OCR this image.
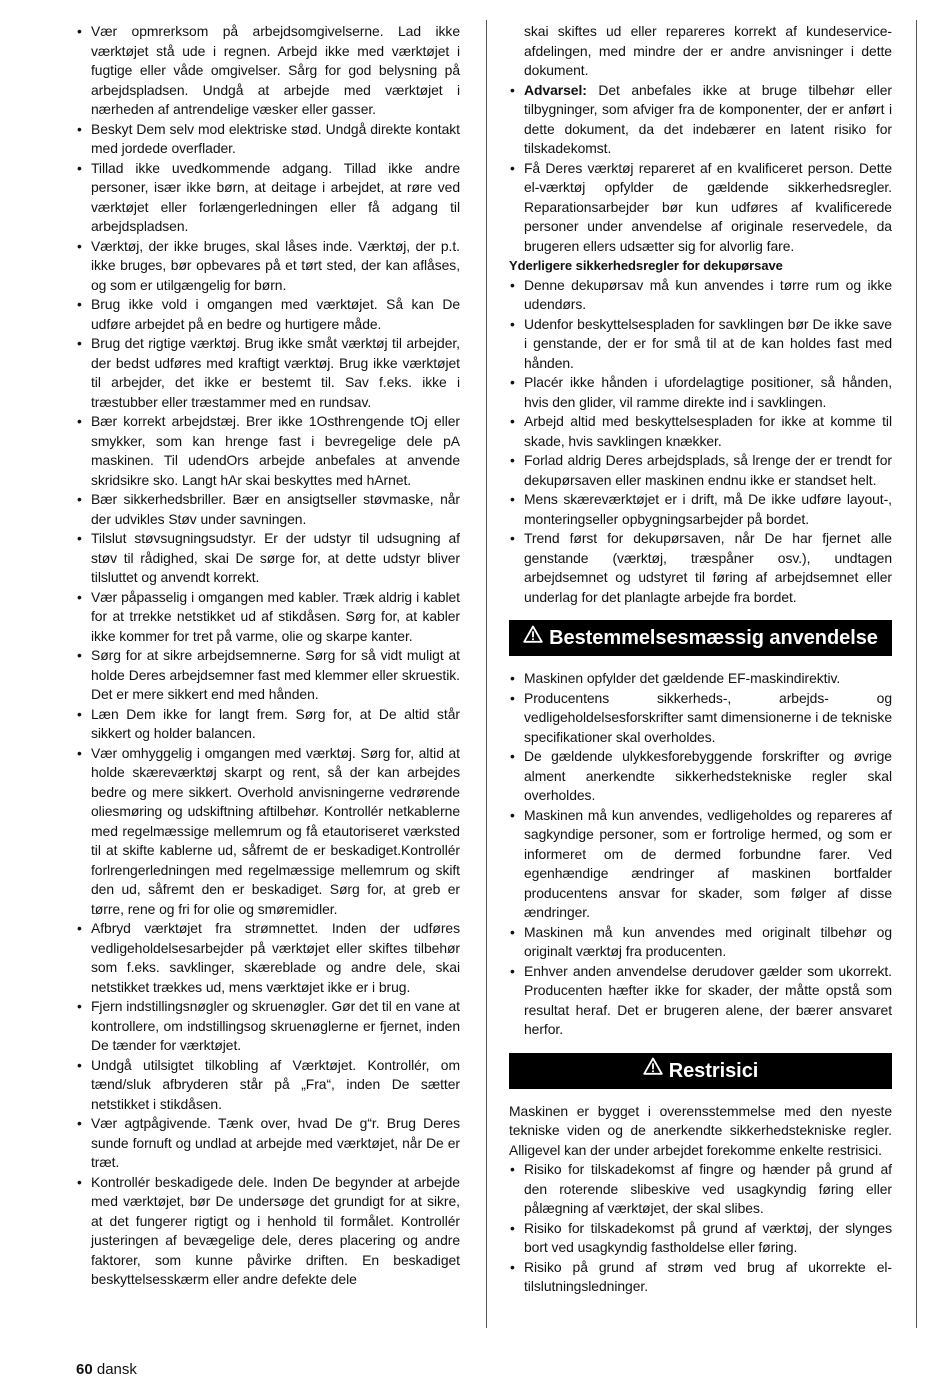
• Vær opmrerksom på arbejdsomgivelserne. Lad ikke værktøjet stå ude i regnen. Arbejd ikke med værktøjet i fugtige eller våde omgivelser. Sårg for god belysning på arbejdspladsen. Undgå at arbejde med værktøjet i nærheden af antrendelige væsker eller gasser.
• Beskyt Dem selv mod elektriske stød. Undgå direkte kontakt med jordede overflader.
• Tillad ikke uvedkommende adgang. Tillad ikke andre personer, især ikke børn, at deitage i arbejdet, at røre ved værktøjet eller forlængerledningen eller få adgang til arbejdspladsen.
• Værktøj, der ikke bruges, skal låses inde. Værktøj, der p.t. ikke bruges, bør opbevares på et tørt sted, der kan aflåses, og som er utilgængelig for børn.
• Brug ikke vold i omgangen med værktøjet. Så kan De udføre arbejdet på en bedre og hurtigere måde.
• Brug det rigtige værktøj. Brug ikke småt værktøj til arbejder, der bedst udføres med kraftigt værktøj. Brug ikke værktøjet til arbejder, det ikke er bestemt til. Sav f.eks. ikke i træstubber eller træstammer med en rundsav.
• Bær korrekt arbejdstæj. Brer ikke 1Osthrengende tOj eller smykker, som kan hrenge fast i bevregelige dele pA maskinen. Til udendOrs arbejde anbefales at anvende skridsikre sko. Langt hAr skai beskyttes med hArnet.
• Bær sikkerhedsbriller. Bær en ansigtseller støvmaske, når der udvikles Støv under savningen.
• Tilslut støvsugningsudstyr. Er der udstyr til udsugning af støv til rådighed, skai De sørge for, at dette udstyr bliver tilsluttet og anvendt korrekt.
• Vær påpasselig i omgangen med kabler. Træk aldrig i kablet for at trrekke netstikket ud af stikdåsen. Sørg for, at kabler ikke kommer for tret på varme, olie og skarpe kanter.
• Sørg for at sikre arbejdsemnerne. Sørg for så vidt muligt at holde Deres arbejdsemner fast med klemmer eller skruestik. Det er mere sikkert end med hånden.
• Læn Dem ikke for langt frem. Sørg for, at De altid står sikkert og holder balancen.
• Vær omhyggelig i omgangen med værktøj. Sørg for, altid at holde skæreværktøj skarpt og rent, så der kan arbejdes bedre og mere sikkert. Overhold anvisningerne vedrørende oliesmøring og udskiftning aftilbehør. Kontrollér netkablerne med regelmæssige mellemrum og få etautoriseret værksted til at skifte kablerne ud, såfremt de er beskadiget.Kontrollér forlrengerledningen med regelmæssige mellemrum og skift den ud, såfremt den er beskadiget. Sørg for, at greb er tørre, rene og fri for olie og smøremidler.
• Afbryd værktøjet fra strømnettet. Inden der udføres vedligeholdelsesarbejder på værktøjet eller skiftes tilbehør som f.eks. savklinger, skæreblade og andre dele, skai netstikket trækkes ud, mens værktøjet ikke er i brug.
• Fjern indstillingsnøgler og skruenøgler. Gør det til en vane at kontrollere, om indstillingsog skruenøglerne er fjernet, inden De tænder for værktøjet.
• Undgå utilsigtet tilkobling af Værktøjet. Kontrollér, om tænd/sluk afbryderen står på „Fra“, inden De sætter netstikket i stikdåsen.
• Vær agtpågivende. Tænk over, hvad De g“r. Brug Deres sunde fornuft og undlad at arbejde med værktøjet, når De er træt.
• Kontrollér beskadigede dele. Inden De begynder at arbejde med værktøjet, bør De undersøge det grundigt for at sikre, at det fungerer rigtigt og i henhold til formålet. Kontrollér justeringen af bevægelige dele, deres placering og andre faktorer, som kunne påvirke driften. En beskadiget beskyttelsesskærm eller andre defekte dele
skai skiftes ud eller repareres korrekt af kundeservice-afdelingen, med mindre der er andre anvisninger i dette dokument.
• Advarsel: Det anbefales ikke at bruge tilbehør eller tilbygninger, som afviger fra de komponenter, der er anført i dette dokument, da det indebærer en latent risiko for tilskadekomst.
• Få Deres værktøj repareret af en kvalificeret person. Dette el-værktøj opfylder de gældende sikkerhedsregler. Reparationsarbejder bør kun udføres af kvalificerede personer under anvendelse af originale reservedele, da brugeren ellers udsætter sig for alvorlig fare.

Yderligere sikkerhedsregler for dekupørsave

• Denne dekupørsav må kun anvendes i tørre rum og ikke udendørs.
• Udenfor beskyttelsespladen for savklingen bør De ikke save i genstande, der er for små til at de kan holdes fast med hånden.
• Placér ikke hånden i ufordelagtige positioner, så hånden, hvis den glider, vil ramme direkte ind i savklingen.
• Arbejd altid med beskyttelsespladen for ikke at komme til skade, hvis savklingen knækker.
• Forlad aldrig Deres arbejdsplads, så lrenge der er trendt for dekupørsaven eller maskinen endnu ikke er standset helt.
• Mens skæreværktøjet er i drift, må De ikke udføre layout-, monteringseller opbygningsarbejder på bordet.
• Trend først for dekupørsaven, når De har fjernet alle genstande (værktøj, træspåner osv.), undtagen arbejdsemnet og udstyret til føring af arbejdsemnet eller underlag for det planlagte arbejde fra bordet.
Bestemmelsesmæssig anvendelse
• Maskinen opfylder det gældende EF-maskindirektiv.
• Producentens sikkerheds-, arbejds- og vedligeholdelsesforskrifter samt dimensionerne i de tekniske specifikationer skal overholdes.
• De gældende ulykkesforebyggende forskrifter og øvrige alment anerkendte sikkerhedstekniske regler skal overholdes.
• Maskinen må kun anvendes, vedligeholdes og repareres af sagkyndige personer, som er fortrolige hermed, og som er informeret om de dermed forbundne farer. Ved egenhændige ændringer af maskinen bortfalder producentens ansvar for skader, som følger af disse ændringer.
• Maskinen må kun anvendes med originalt tilbehør og originalt værktøj fra producenten.
• Enhver anden anvendelse derudover gælder som ukorrekt. Producenten hæfter ikke for skader, der måtte opstå som resultat heraf. Det er brugeren alene, der bærer ansvaret herfor.
Restrisici

Maskinen er bygget i overensstemmelse med den nyeste tekniske viden og de anerkendte sikkerhedstekniske regler. Alligevel kan der under arbejdet forekomme enkelte restrisici.

• Risiko for tilskadekomst af fingre og hænder på grund af den roterende slibeskive ved usagkyndig føring eller pålægning af værktøjet, der skal slibes.
• Risiko for tilskadekomst på grund af værktøj, der slynges bort ved usagkyndig fastholdelse eller føring.
• Risiko på grund af strøm ved brug af ukorrekte el-tilslutningsledninger.
60 dansk
